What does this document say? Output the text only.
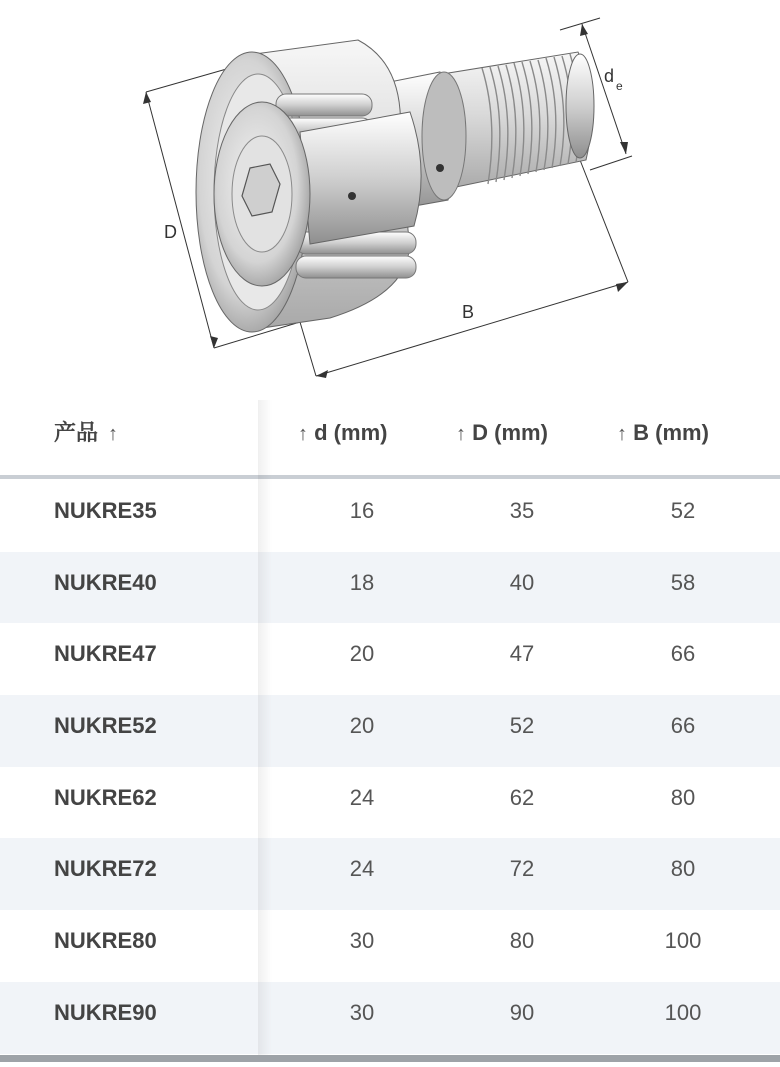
D
B
d e
产品 ↑	↑ d (mm)	↑ D (mm)	↑ B (mm)
NUKRE35	16	35	52
NUKRE40	18	40	58
NUKRE47	20	47	66
NUKRE52	20	52	66
NUKRE62	24	62	80
NUKRE72	24	72	80
NUKRE80	30	80	100
NUKRE90	30	90	100
